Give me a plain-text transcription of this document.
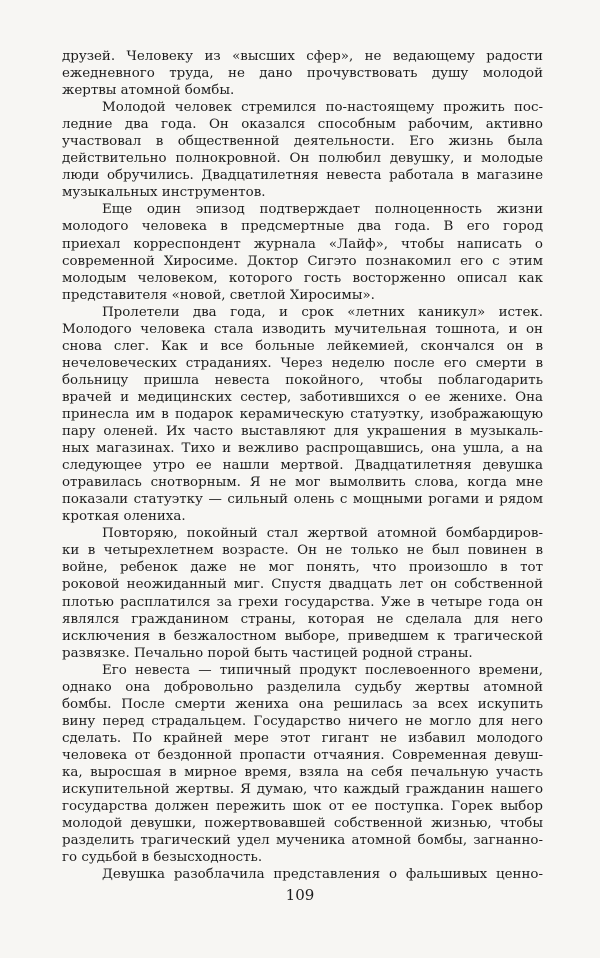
друзей. Человеку из «высших сфер», не ведающему радости
ежедневного труда, не дано прочувствовать душу молодой
жертвы атомной бомбы.
Молодой человек стремился по-настоящему прожить пос-
ледние два года. Он оказался способным рабочим, активно
участвовал в общественной деятельности. Его жизнь была
действительно полнокровной. Он полюбил девушку, и молодые
люди обручились. Двадцатилетняя невеста работала в магазине
музыкальных инструментов.
Еще один эпизод подтверждает полноценность жизни
молодого человека в предсмертные два года. В его город
приехал корреспондент журнала «Лайф», чтобы написать о
современной Хиросиме. Доктор Сигэто познакомил его с этим
молодым человеком, которого гость восторженно описал как
представителя «новой, светлой Хиросимы».
Пролетели два года, и срок «летних каникул» истек.
Молодого человека стала изводить мучительная тошнота, и он
снова слег. Как и все больные лейкемией, скончался он в
нечеловеческих страданиях. Через неделю после его смерти в
больницу пришла невеста покойного, чтобы поблагодарить
врачей и медицинских сестер, заботившихся о ее женихе. Она
принесла им в подарок керамическую статуэтку, изображающую
пару оленей. Их часто выставляют для украшения в музыкаль-
ных магазинах. Тихо и вежливо распрощавшись, она ушла, а на
следующее утро ее нашли мертвой. Двадцатилетняя девушка
отравилась снотворным. Я не мог вымолвить слова, когда мне
показали статуэтку — сильный олень с мощными рогами и рядом
кроткая олениха.
Повторяю, покойный стал жертвой атомной бомбардиров-
ки в четырехлетнем возрасте. Он не только не был повинен в
войне, ребенок даже не мог понять, что произошло в тот
роковой неожиданный миг. Спустя двадцать лет он собственной
плотью расплатился за грехи государства. Уже в четыре года он
являлся гражданином страны, которая не сделала для него
исключения в безжалостном выборе, приведшем к трагической
развязке. Печально порой быть частицей родной страны.
Его невеста — типичный продукт послевоенного времени,
однако она добровольно разделила судьбу жертвы атомной
бомбы. После смерти жениха она решилась за всех искупить
вину перед страдальцем. Государство ничего не могло для него
сделать. По крайней мере этот гигант не избавил молодого
человека от бездонной пропасти отчаяния. Современная девуш-
ка, выросшая в мирное время, взяла на себя печальную участь
искупительной жертвы. Я думаю, что каждый гражданин нашего
государства должен пережить шок от ее поступка. Горек выбор
молодой девушки, пожертвовавшей собственной жизнью, чтобы
разделить трагический удел мученика атомной бомбы, загнанно-
го судьбой в безысходность.
Девушка разоблачила представления о фальшивых ценно-
109
